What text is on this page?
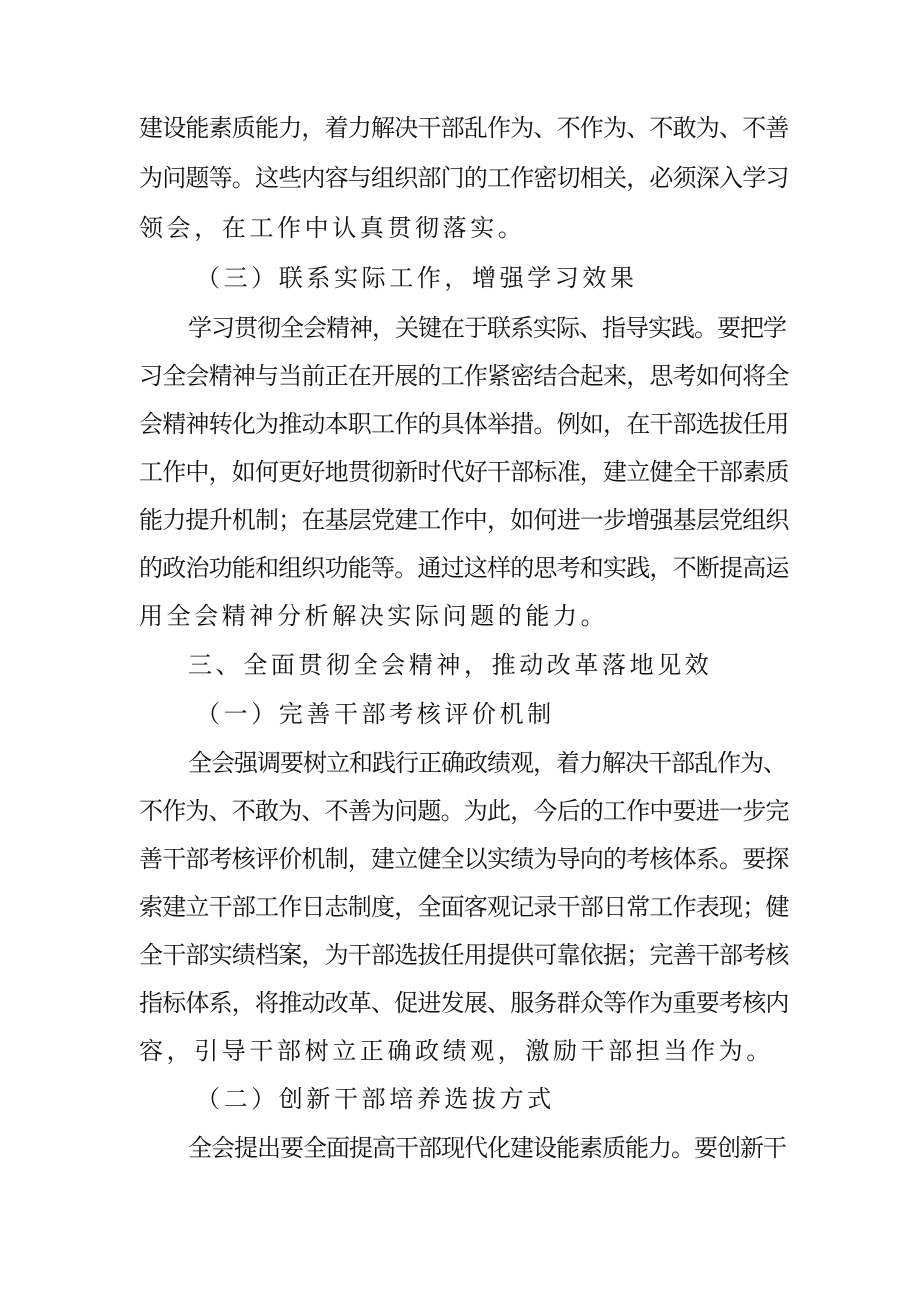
建设能素质能力，着力解决干部乱作为、不作为、不敢为、不善
为问题等。这些内容与组织部门的工作密切相关，必须深入学习
领会，在工作中认真贯彻落实。
（三）联系实际工作，增强学习效果
学习贯彻全会精神，关键在于联系实际、指导实践。要把学
习全会精神与当前正在开展的工作紧密结合起来，思考如何将全
会精神转化为推动本职工作的具体举措。例如，在干部选拔任用
工作中，如何更好地贯彻新时代好干部标准，建立健全干部素质
能力提升机制；在基层党建工作中，如何进一步增强基层党组织
的政治功能和组织功能等。通过这样的思考和实践，不断提高运
用全会精神分析解决实际问题的能力。
三、全面贯彻全会精神，推动改革落地见效
（一）完善干部考核评价机制
全会强调要树立和践行正确政绩观，着力解决干部乱作为、
不作为、不敢为、不善为问题。为此，今后的工作中要进一步完
善干部考核评价机制，建立健全以实绩为导向的考核体系。要探
索建立干部工作日志制度，全面客观记录干部日常工作表现；健
全干部实绩档案，为干部选拔任用提供可靠依据；完善干部考核
指标体系，将推动改革、促进发展、服务群众等作为重要考核内
容，引导干部树立正确政绩观，激励干部担当作为。
（二）创新干部培养选拔方式
全会提出要全面提高干部现代化建设能素质能力。要创新干
